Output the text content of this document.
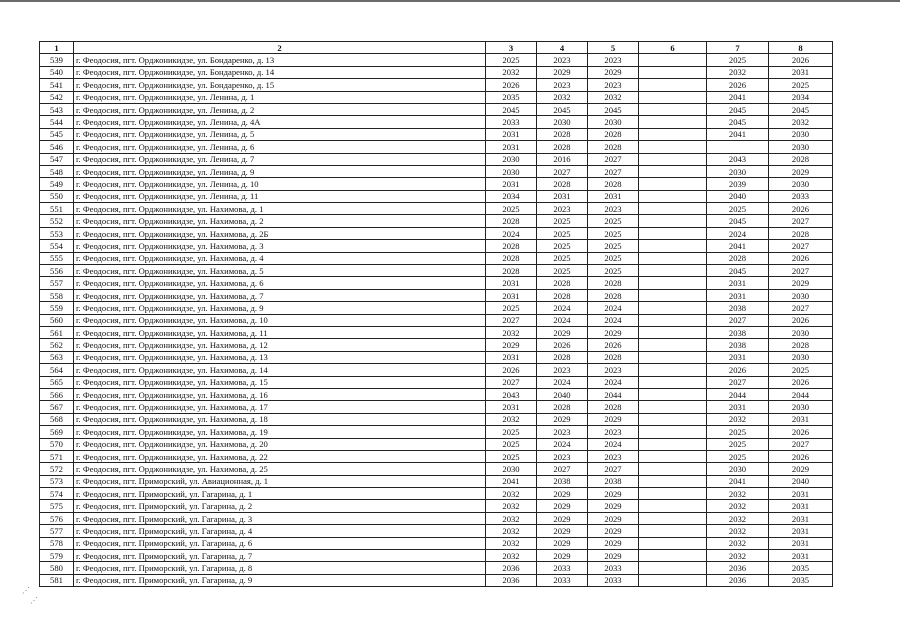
⋰
⋰
1	2	3	4	5	6	7	8
539	г. Феодосия, пгт. Орджоникидзе, ул. Бондаренко, д. 13	2025	2023	2023		2025	2026
540	г. Феодосия, пгт. Орджоникидзе, ул. Бондаренко, д. 14	2032	2029	2029		2032	2031
541	г. Феодосия, пгт. Орджоникидзе, ул. Бондаренко, д. 15	2026	2023	2023		2026	2025
542	г. Феодосия, пгт. Орджоникидзе, ул. Ленина, д. 1	2035	2032	2032		2041	2034
543	г. Феодосия, пгт. Орджоникидзе, ул. Ленина, д. 2	2045	2045	2045		2045	2045
544	г. Феодосия, пгт. Орджоникидзе, ул. Ленина, д. 4А	2033	2030	2030		2045	2032
545	г. Феодосия, пгт. Орджоникидзе, ул. Ленина, д. 5	2031	2028	2028		2041	2030
546	г. Феодосия, пгт. Орджоникидзе, ул. Ленина, д. 6	2031	2028	2028			2030
547	г. Феодосия, пгт. Орджоникидзе, ул. Ленина, д. 7	2030	2016	2027		2043	2028
548	г. Феодосия, пгт. Орджоникидзе, ул. Ленина, д. 9	2030	2027	2027		2030	2029
549	г. Феодосия, пгт. Орджоникидзе, ул. Ленина, д. 10	2031	2028	2028		2039	2030
550	г. Феодосия, пгт. Орджоникидзе, ул. Ленина, д. 11	2034	2031	2031		2040	2033
551	г. Феодосия, пгт. Орджоникидзе, ул. Нахимова, д. 1	2025	2023	2023		2025	2026
552	г. Феодосия, пгт. Орджоникидзе, ул. Нахимова, д. 2	2028	2025	2025		2045	2027
553	г. Феодосия, пгт. Орджоникидзе, ул. Нахимова, д. 2Б	2024	2025	2025		2024	2028
554	г. Феодосия, пгт. Орджоникидзе, ул. Нахимова, д. 3	2028	2025	2025		2041	2027
555	г. Феодосия, пгт. Орджоникидзе, ул. Нахимова, д. 4	2028	2025	2025		2028	2026
556	г. Феодосия, пгт. Орджоникидзе, ул. Нахимова, д. 5	2028	2025	2025		2045	2027
557	г. Феодосия, пгт. Орджоникидзе, ул. Нахимова, д. 6	2031	2028	2028		2031	2029
558	г. Феодосия, пгт. Орджоникидзе, ул. Нахимова, д. 7	2031	2028	2028		2031	2030
559	г. Феодосия, пгт. Орджоникидзе, ул. Нахимова, д. 9	2025	2024	2024		2038	2027
560	г. Феодосия, пгт. Орджоникидзе, ул. Нахимова, д. 10	2027	2024	2024		2027	2026
561	г. Феодосия, пгт. Орджоникидзе, ул. Нахимова, д. 11	2032	2029	2029		2038	2030
562	г. Феодосия, пгт. Орджоникидзе, ул. Нахимова, д. 12	2029	2026	2026		2038	2028
563	г. Феодосия, пгт. Орджоникидзе, ул. Нахимова, д. 13	2031	2028	2028		2031	2030
564	г. Феодосия, пгт. Орджоникидзе, ул. Нахимова, д. 14	2026	2023	2023		2026	2025
565	г. Феодосия, пгт. Орджоникидзе, ул. Нахимова, д. 15	2027	2024	2024		2027	2026
566	г. Феодосия, пгт. Орджоникидзе, ул. Нахимова, д. 16	2043	2040	2044		2044	2044
567	г. Феодосия, пгт. Орджоникидзе, ул. Нахимова, д. 17	2031	2028	2028		2031	2030
568	г. Феодосия, пгт. Орджоникидзе, ул. Нахимова, д. 18	2032	2029	2029		2032	2031
569	г. Феодосия, пгт. Орджоникидзе, ул. Нахимова, д. 19	2025	2023	2023		2025	2026
570	г. Феодосия, пгт. Орджоникидзе, ул. Нахимова, д. 20	2025	2024	2024		2025	2027
571	г. Феодосия, пгт. Орджоникидзе, ул. Нахимова, д. 22	2025	2023	2023		2025	2026
572	г. Феодосия, пгт. Орджоникидзе, ул. Нахимова, д. 25	2030	2027	2027		2030	2029
573	г. Феодосия, пгт. Приморский, ул. Авиационная, д. 1	2041	2038	2038		2041	2040
574	г. Феодосия, пгт. Приморский, ул. Гагарина, д. 1	2032	2029	2029		2032	2031
575	г. Феодосия, пгт. Приморский, ул. Гагарина, д. 2	2032	2029	2029		2032	2031
576	г. Феодосия, пгт. Приморский, ул. Гагарина, д. 3	2032	2029	2029		2032	2031
577	г. Феодосия, пгт. Приморский, ул. Гагарина, д. 4	2032	2029	2029		2032	2031
578	г. Феодосия, пгт. Приморский, ул. Гагарина, д. 6	2032	2029	2029		2032	2031
579	г. Феодосия, пгт. Приморский, ул. Гагарина, д. 7	2032	2029	2029		2032	2031
580	г. Феодосия, пгт. Приморский, ул. Гагарина, д. 8	2036	2033	2033		2036	2035
581	г. Феодосия, пгт. Приморский, ул. Гагарина, д. 9	2036	2033	2033		2036	2035
